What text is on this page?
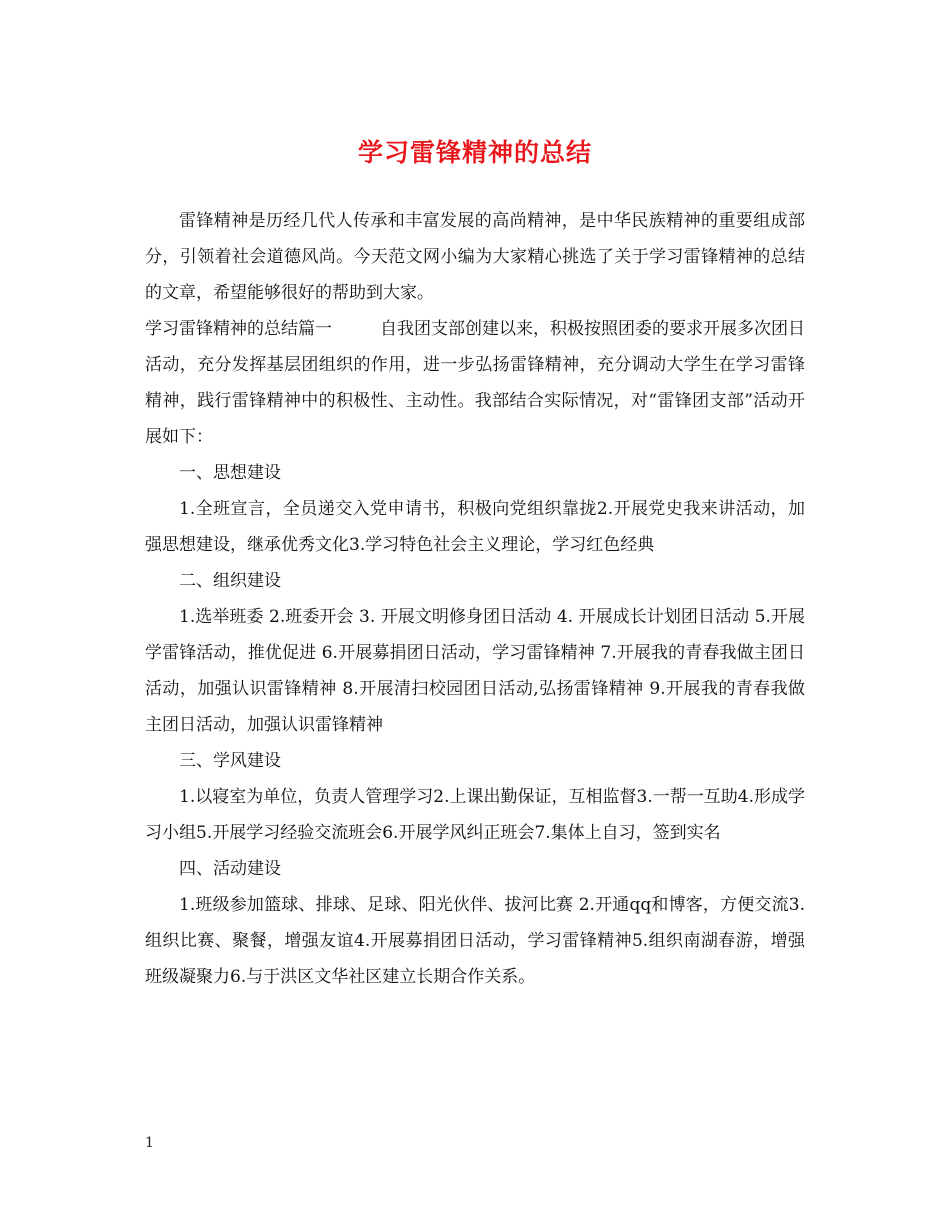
学习雷锋精神的总结

雷锋精神是历经几代人传承和丰富发展的高尚精神，是中华民族精神的重要组成部分，引领着社会道德风尚。今天范文网小编为大家精心挑选了关于学习雷锋精神的总结的文章，希望能够很好的帮助到大家。

学习雷锋精神的总结篇一	自我团支部创建以来，积极按照团委的要求开展多次团日活动，充分发挥基层团组织的作用，进一步弘扬雷锋精神，充分调动大学生在学习雷锋精神，践行雷锋精神中的积极性、主动性。我部结合实际情况，对“雷锋团支部”活动开展如下：

一、思想建设

1.全班宣言，全员递交入党申请书，积极向党组织靠拢2.开展党史我来讲活动，加强思想建设，继承优秀文化3.学习特色社会主义理论，学习红色经典

二、组织建设

1.选举班委 2.班委开会 3. 开展文明修身团日活动 4. 开展成长计划团日活动 5.开展学雷锋活动，推优促进 6.开展募捐团日活动，学习雷锋精神 7.开展我的青春我做主团日活动，加强认识雷锋精神 8.开展清扫校园团日活动,弘扬雷锋精神 9.开展我的青春我做主团日活动，加强认识雷锋精神

三、学风建设

1.以寝室为单位，负责人管理学习2.上课出勤保证，互相监督3.一帮一互助4.形成学习小组5.开展学习经验交流班会6.开展学风纠正班会7.集体上自习，签到实名

四、活动建设

1.班级参加篮球、排球、足球、阳光伙伴、拔河比赛 2.开通qq和博客，方便交流3.组织比赛、聚餐，增强友谊4.开展募捐团日活动，学习雷锋精神5.组织南湖春游，增强班级凝聚力6.与于洪区文华社区建立长期合作关系。

1
